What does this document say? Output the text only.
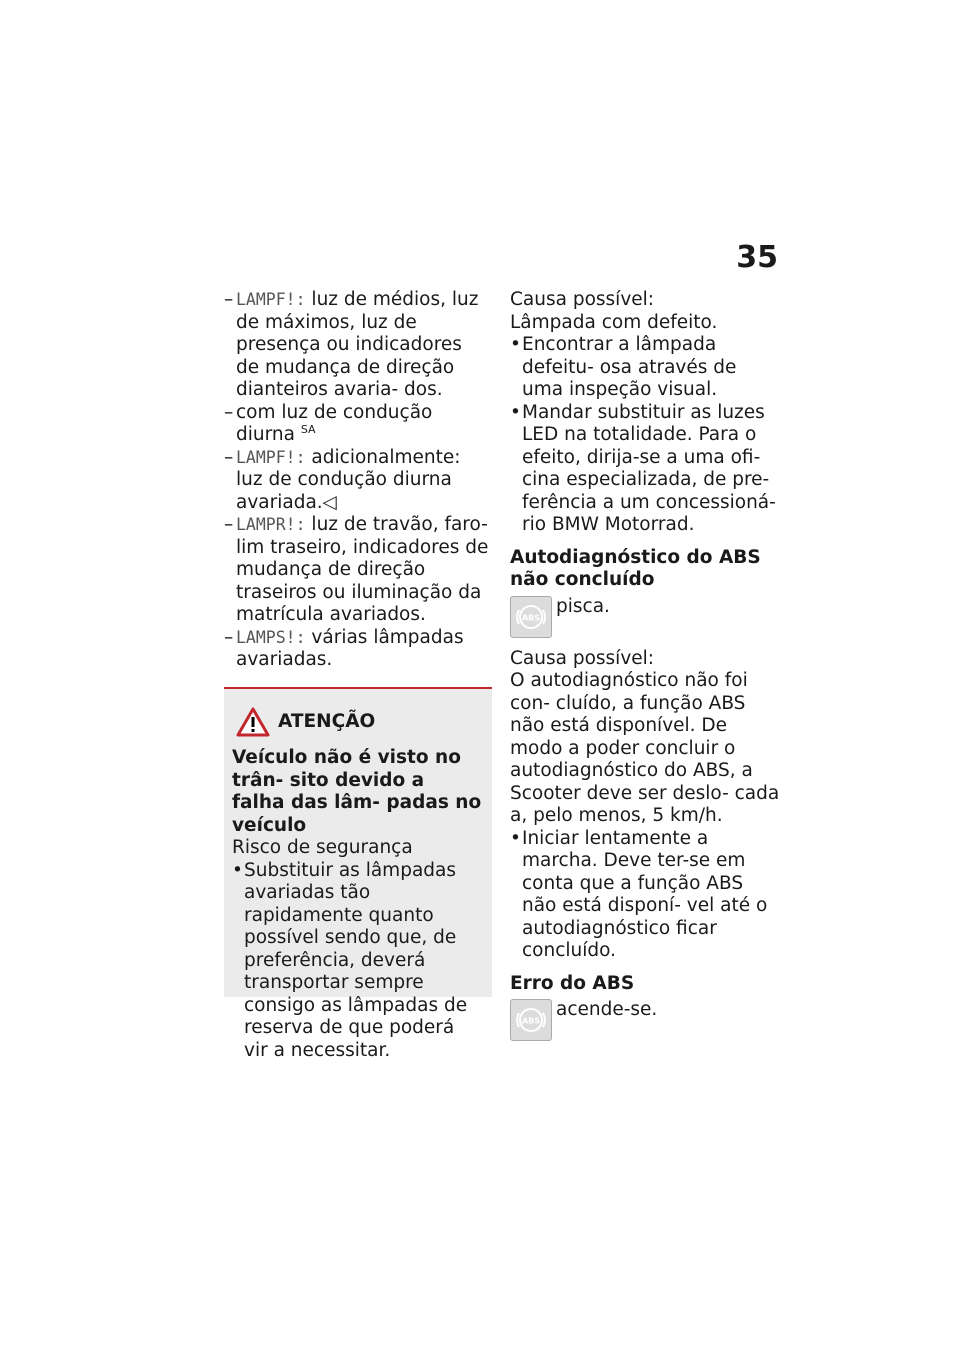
35
– LAMPF!: luz de médios, luz de máximos, luz de presença ou indicadores de mudança de direção dianteiros avaria- dos.
– com luz de condução diurna $^{SA}$
– LAMPF!: adicionalmente: luz de condução diurna avariada.◁
– LAMPR!: luz de travão, faro- lim traseiro, indicadores de mudança de direção traseiros ou iluminação da matrícula avariados.
– LAMPS!: várias lâmpadas avariadas.
ATENÇÃO
Veículo não é visto no trân- sito devido a falha das lâm- padas no veículo
Risco de segurança
• Substituir as lâmpadas avariadas tão rapidamente quanto possível sendo que, de preferência, deverá transportar sempre consigo as lâmpadas de reserva de que poderá vir a necessitar.
Causa possível:
Lâmpada com defeito.
• Encontrar a lâmpada defeitu- osa através de uma inspeção visual.
• Mandar substituir as luzes LED na totalidade. Para o efeito, dirija-se a uma ofi- cina especializada, de pre- ferência a um concessioná- rio BMW Motorrad.
Autodiagnóstico do ABS não concluído
ABS
pisca.
Causa possível:
O autodiagnóstico não foi con- cluído, a função ABS não está disponível. De modo a poder concluir o autodiagnóstico do ABS, a Scooter deve ser deslo- cada a, pelo menos, 5 km/h.
• Iniciar lentamente a marcha. Deve ter-se em conta que a função ABS não está disponí- vel até o autodiagnóstico ficar concluído.
Erro do ABS
ABS
acende-se.
